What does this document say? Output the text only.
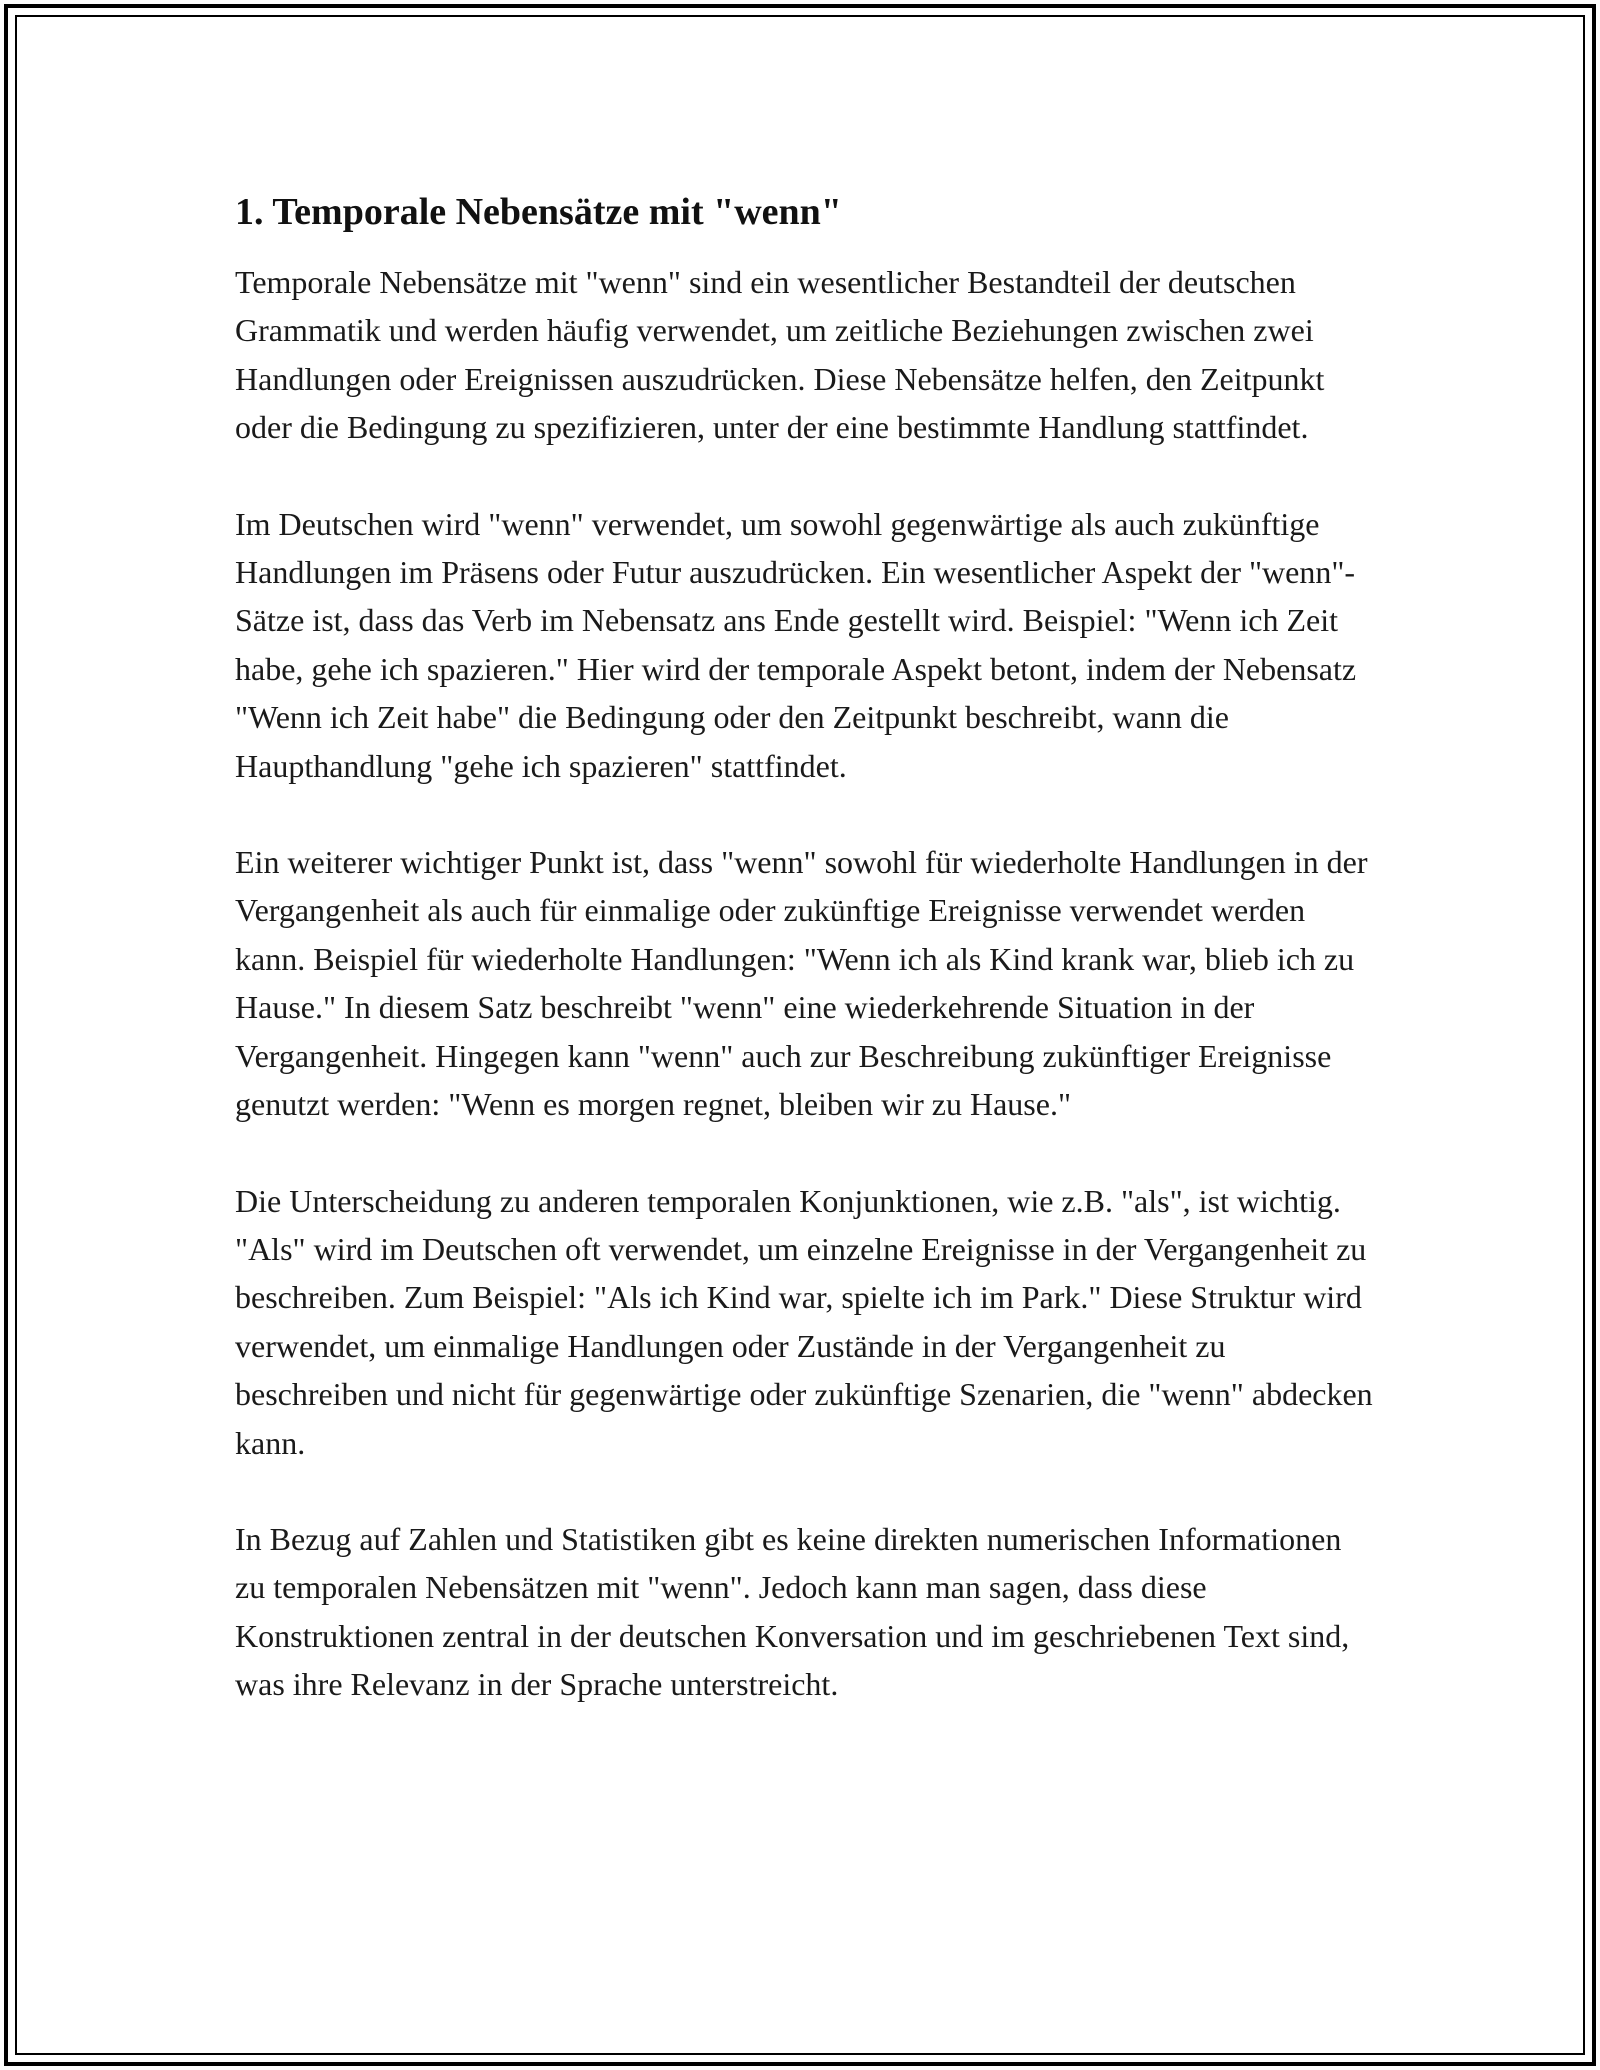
1. Temporale Nebensätze mit "wenn"

Temporale Nebensätze mit "wenn" sind ein wesentlicher Bestandteil der deutschen Grammatik und werden häufig verwendet, um zeitliche Beziehungen zwischen zwei Handlungen oder Ereignissen auszudrücken. Diese Nebensätze helfen, den Zeitpunkt oder die Bedingung zu spezifizieren, unter der eine bestimmte Handlung stattfindet.

Im Deutschen wird "wenn" verwendet, um sowohl gegenwärtige als auch zukünftige Handlungen im Präsens oder Futur auszudrücken. Ein wesentlicher Aspekt der "wenn"-Sätze ist, dass das Verb im Nebensatz ans Ende gestellt wird. Beispiel: "Wenn ich Zeit habe, gehe ich spazieren." Hier wird der temporale Aspekt betont, indem der Nebensatz "Wenn ich Zeit habe" die Bedingung oder den Zeitpunkt beschreibt, wann die Haupthandlung "gehe ich spazieren" stattfindet.

Ein weiterer wichtiger Punkt ist, dass "wenn" sowohl für wiederholte Handlungen in der Vergangenheit als auch für einmalige oder zukünftige Ereignisse verwendet werden kann. Beispiel für wiederholte Handlungen: "Wenn ich als Kind krank war, blieb ich zu Hause." In diesem Satz beschreibt "wenn" eine wiederkehrende Situation in der Vergangenheit. Hingegen kann "wenn" auch zur Beschreibung zukünftiger Ereignisse genutzt werden: "Wenn es morgen regnet, bleiben wir zu Hause."

Die Unterscheidung zu anderen temporalen Konjunktionen, wie z.B. "als", ist wichtig. "Als" wird im Deutschen oft verwendet, um einzelne Ereignisse in der Vergangenheit zu beschreiben. Zum Beispiel: "Als ich Kind war, spielte ich im Park." Diese Struktur wird verwendet, um einmalige Handlungen oder Zustände in der Vergangenheit zu beschreiben und nicht für gegenwärtige oder zukünftige Szenarien, die "wenn" abdecken kann.

In Bezug auf Zahlen und Statistiken gibt es keine direkten numerischen Informationen zu temporalen Nebensätzen mit "wenn". Jedoch kann man sagen, dass diese Konstruktionen zentral in der deutschen Konversation und im geschriebenen Text sind, was ihre Relevanz in der Sprache unterstreicht.
